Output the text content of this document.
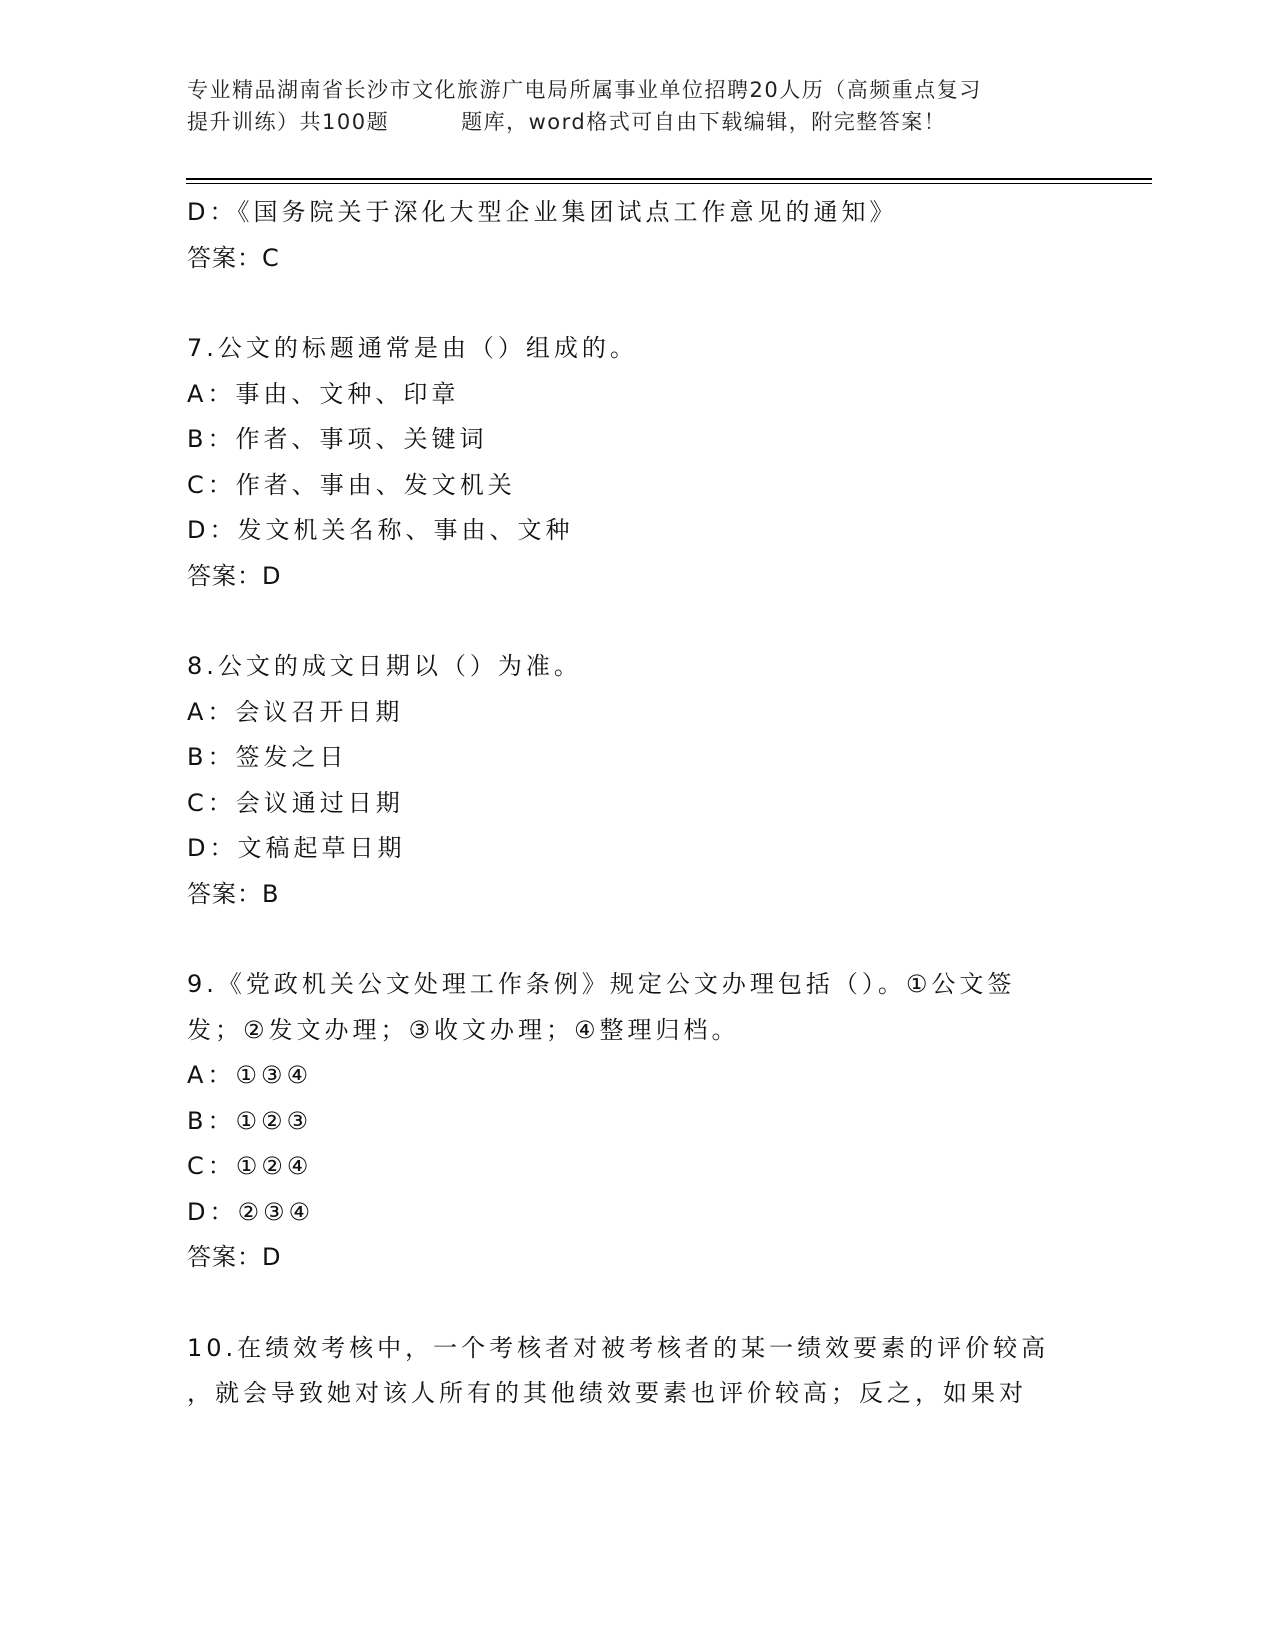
专业精品湖南省长沙市文化旅游广电局所属事业单位招聘20人历（高频重点复习
提升训练）共100题	题库，word格式可自由下载编辑，附完整答案！
D：《国务院关于深化大型企业集团试点工作意见的通知》
答案：C
7.公文的标题通常是由（）组成的。
A：事由、文种、印章
B：作者、事项、关键词
C：作者、事由、发文机关
D：发文机关名称、事由、文种
答案：D
8.公文的成文日期以（）为准。
A：会议召开日期
B：签发之日
C：会议通过日期
D：文稿起草日期
答案：B
9.《党政机关公文处理工作条例》规定公文办理包括（）。①公文签
发；②发文办理；③收文办理；④整理归档。
A：①③④
B：①②③
C：①②④
D：②③④
答案：D
10.在绩效考核中，一个考核者对被考核者的某一绩效要素的评价较高
，就会导致她对该人所有的其他绩效要素也评价较高；反之，如果对
